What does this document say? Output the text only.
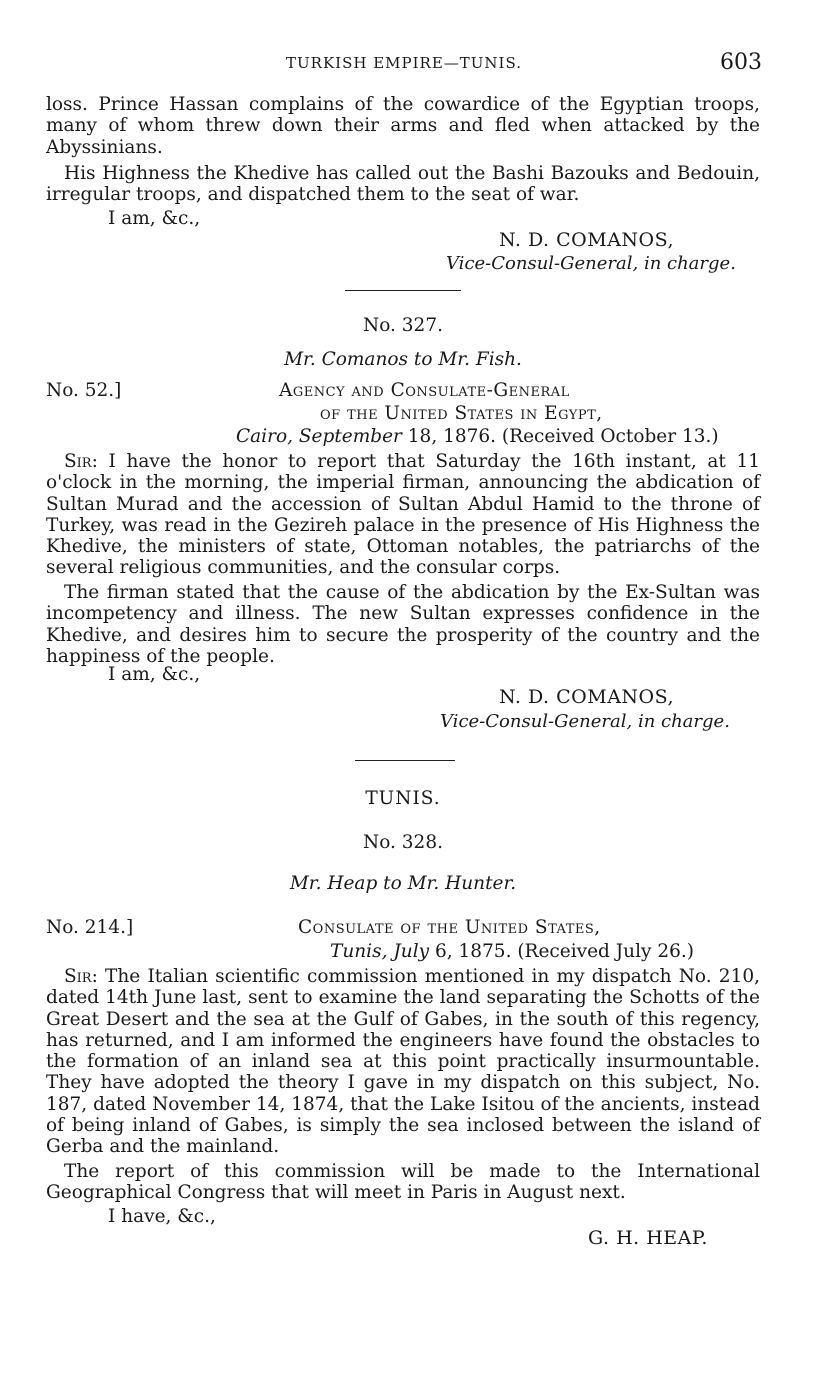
TURKISH EMPIRE—TUNIS.	603
loss. Prince Hassan complains of the cowardice of the Egyptian troops, many of whom threw down their arms and fled when attacked by the Abyssinians.
His Highness the Khedive has called out the Bashi Bazouks and Bedouin, irregular troops, and dispatched them to the seat of war.
I am, &c.,
N. D. COMANOS,
Vice-Consul-General, in charge.
No. 327.
Mr. Comanos to Mr. Fish.
No. 52.]	Agency and Consulate-General
of the United States in Egypt,
Cairo, September 18, 1876. (Received October 13.)
Sir: I have the honor to report that Saturday the 16th instant, at 11 o'clock in the morning, the imperial firman, announcing the abdication of Sultan Murad and the accession of Sultan Abdul Hamid to the throne of Turkey, was read in the Gezireh palace in the presence of His Highness the Khedive, the ministers of state, Ottoman notables, the patriarchs of the several religious communities, and the consular corps.
The firman stated that the cause of the abdication by the Ex-Sultan was incompetency and illness. The new Sultan expresses confidence in the Khedive, and desires him to secure the prosperity of the country and the happiness of the people.
I am, &c.,
N. D. COMANOS,
Vice-Consul-General, in charge.
TUNIS.
No. 328.
Mr. Heap to Mr. Hunter.
No. 214.]	Consulate of the United States,
Tunis, July 6, 1875. (Received July 26.)
Sir: The Italian scientific commission mentioned in my dispatch No. 210, dated 14th June last, sent to examine the land separating the Schotts of the Great Desert and the sea at the Gulf of Gabes, in the south of this regency, has returned, and I am informed the engineers have found the obstacles to the formation of an inland sea at this point practically insurmountable. They have adopted the theory I gave in my dispatch on this subject, No. 187, dated November 14, 1874, that the Lake Isitou of the ancients, instead of being inland of Gabes, is simply the sea inclosed between the island of Gerba and the mainland.
The report of this commission will be made to the International Geographical Congress that will meet in Paris in August next.
I have, &c.,
G. H. HEAP.
